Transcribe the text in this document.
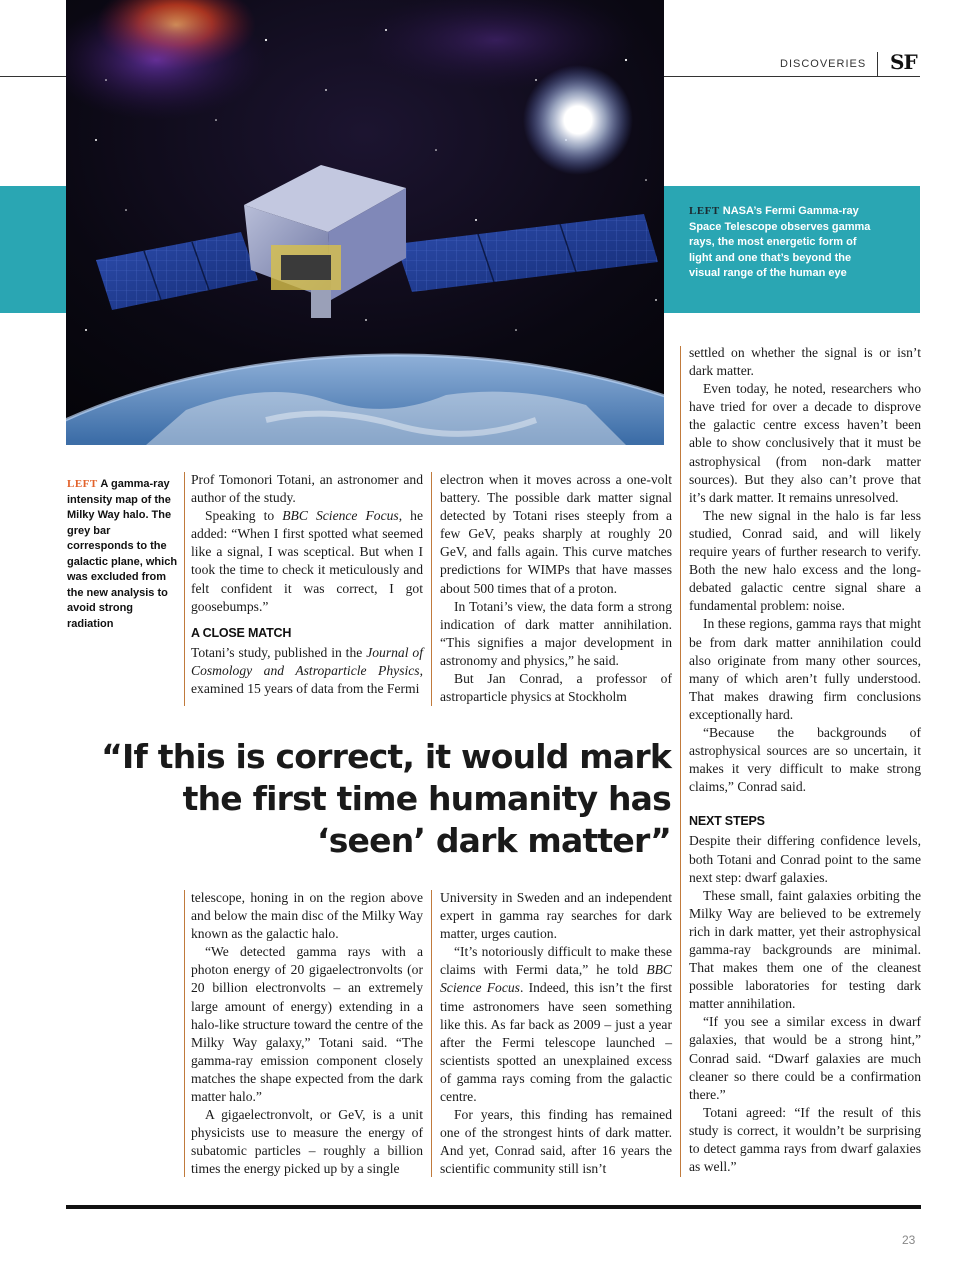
DISCOVERIES SF
LEFT NASA’s Fermi Gamma-ray Space Telescope observes gamma rays, the most energetic form of light and one that’s beyond the visual range of the human eye
LEFT A gamma-ray intensity map of the Milky Way halo. The grey bar corresponds to the galactic plane, which was excluded from the new analysis to avoid strong radiation

Prof Tomonori Totani, an astronomer and author of the study.

Speaking to BBC Science Focus, he added: “When I first spotted what seemed like a signal, I was sceptical. But when I took the time to check it meticulously and felt confident it was correct, I got goosebumps.”

A CLOSE MATCH

Totani’s study, published in the Journal of Cosmology and Astroparticle Physics, examined 15 years of data from the Fermi

electron when it moves across a one-volt battery. The possible dark matter signal detected by Totani rises steeply from a few GeV, peaks sharply at roughly 20 GeV, and falls again. This curve matches predictions for WIMPs that have masses about 500 times that of a proton.

In Totani’s view, the data form a strong indication of dark matter annihilation. “This signifies a major development in astronomy and physics,” he said.

But Jan Conrad, a professor of astroparticle physics at Stockholm

“If this is correct, it would mark the first time humanity has ‘seen’ dark matter”

telescope, honing in on the region above and below the main disc of the Milky Way known as the galactic halo.

“We detected gamma rays with a photon energy of 20 gigaelectronvolts (or 20 billion electronvolts – an extremely large amount of energy) extending in a halo-like structure toward the centre of the Milky Way galaxy,” Totani said. “The gamma-ray emission component closely matches the shape expected from the dark matter halo.”

A gigaelectronvolt, or GeV, is a unit physicists use to measure the energy of subatomic particles – roughly a billion times the energy picked up by a single

University in Sweden and an independent expert in gamma ray searches for dark matter, urges caution.

“It’s notoriously difficult to make these claims with Fermi data,” he told BBC Science Focus. Indeed, this isn’t the first time astronomers have seen something like this. As far back as 2009 – just a year after the Fermi telescope launched – scientists spotted an unexplained excess of gamma rays coming from the galactic centre.

For years, this finding has remained one of the strongest hints of dark matter. And yet, Conrad said, after 16 years the scientific community still isn’t

settled on whether the signal is or isn’t dark matter.

Even today, he noted, researchers who have tried for over a decade to disprove the galactic centre excess haven’t been able to show conclusively that it must be astrophysical (from non-dark matter sources). But they also can’t prove that it’s dark matter. It remains unresolved.

The new signal in the halo is far less studied, Conrad said, and will likely require years of further research to verify. Both the new halo excess and the long-debated galactic centre signal share a fundamental problem: noise.

In these regions, gamma rays that might be from dark matter annihilation could also originate from many other sources, many of which aren’t fully understood. That makes drawing firm conclusions exceptionally hard.

“Because the backgrounds of astrophysical sources are so uncertain, it makes it very difficult to make strong claims,” Conrad said.

NEXT STEPS

Despite their differing confidence levels, both Totani and Conrad point to the same next step: dwarf galaxies.

These small, faint galaxies orbiting the Milky Way are believed to be extremely rich in dark matter, yet their astrophysical gamma-ray backgrounds are minimal. That makes them one of the cleanest possible laboratories for testing dark matter annihilation.

“If you see a similar excess in dwarf galaxies, that would be a strong hint,” Conrad said. “Dwarf galaxies are much cleaner so there could be a confirmation there.”

Totani agreed: “If the result of this study is correct, it wouldn’t be surprising to detect gamma rays from dwarf galaxies as well.”

23
